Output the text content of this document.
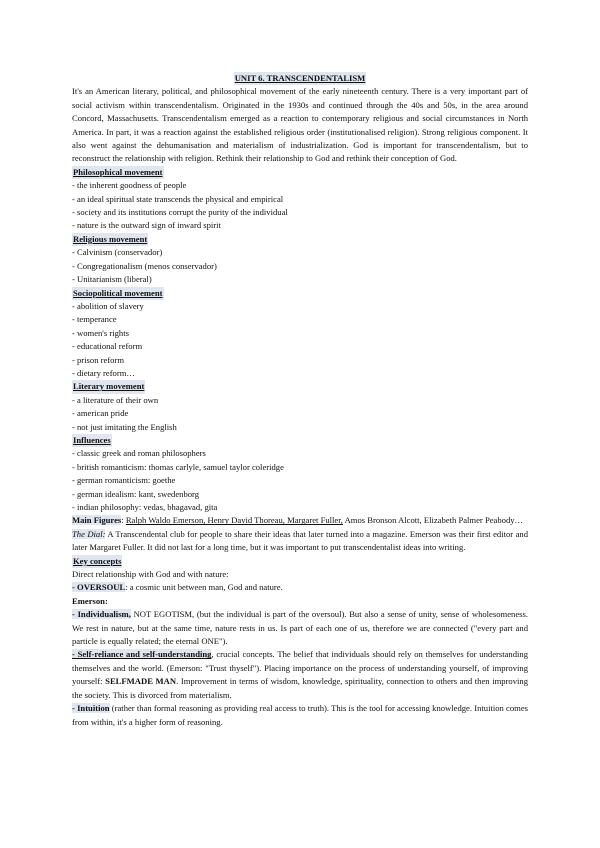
UNIT 6. TRANSCENDENTALISM

It's an American literary, political, and philosophical movement of the early nineteenth century. There is a very important part of social activism within transcendentalism. Originated in the 1930s and continued through the 40s and 50s, in the area around Concord, Massachusetts. Transcendentalism emerged as a reaction to contemporary religious and social circumstances in North America. In part, it was a reaction against the established religious order (institutionalised religion). Strong religious component. It also went against the dehumanisation and materialism of industrialization. God is important for transcendentalism, but to reconstruct the relationship with religion. Rethink their relationship to God and rethink their conception of God.

Philosophical movement

- the inherent goodness of people

- an ideal spiritual state transcends the physical and empirical

- society and its institutions corrupt the purity of the individual

- nature is the outward sign of inward spirit

Religious movement

- Calvinism (conservador)

- Congregationalism (menos conservador)

- Unitarianism (liberal)

Sociopolitical movement

- abolition of slavery

- temperance

- women's rights

- educational reform

- prison reform

- dietary reform…

Literary movement

- a literature of their own

- american pride

- not just imitating the English

Influences

- classic greek and roman philosophers

- british romanticism: thomas carlyle, samuel taylor coleridge

- german romanticism: goethe

- german idealism: kant, swedenborg

- indian philosophy: vedas, bhagavad, gita

Main Figures: Ralph Waldo Emerson, Henry David Thoreau, Margaret Fuller, Amos Bronson Alcott, Elizabeth Palmer Peabody…

The Dial: A Transcendental club for people to share their ideas that later turned into a magazine. Emerson was their first editor and later Margaret Fuller. It did not last for a long time, but it was important to put transcendentalist ideas into writing.

Key concepts

Direct relationship with God and with nature:

- OVERSOUL: a cosmic unit between man, God and nature.

Emerson:

- Individualism, NOT EGOTISM, (but the individual is part of the oversoul). But also a sense of unity, sense of wholesomeness. We rest in nature, but at the same time, nature rests in us. Is part of each one of us, therefore we are connected ("every part and particle is equally related; the eternal ONE").

- Self-reliance and self-understanding, crucial concepts. The belief that individuals should rely on themselves for understanding themselves and the world. (Emerson: "Trust thyself"). Placing importance on the process of understanding yourself, of improving yourself: SELFMADE MAN. Improvement in terms of wisdom, knowledge, spirituality, connection to others and then improving the society. This is divorced from materialism.

- Intuition (rather than formal reasoning as providing real access to truth). This is the tool for accessing knowledge. Intuition comes from within, it's a higher form of reasoning.
